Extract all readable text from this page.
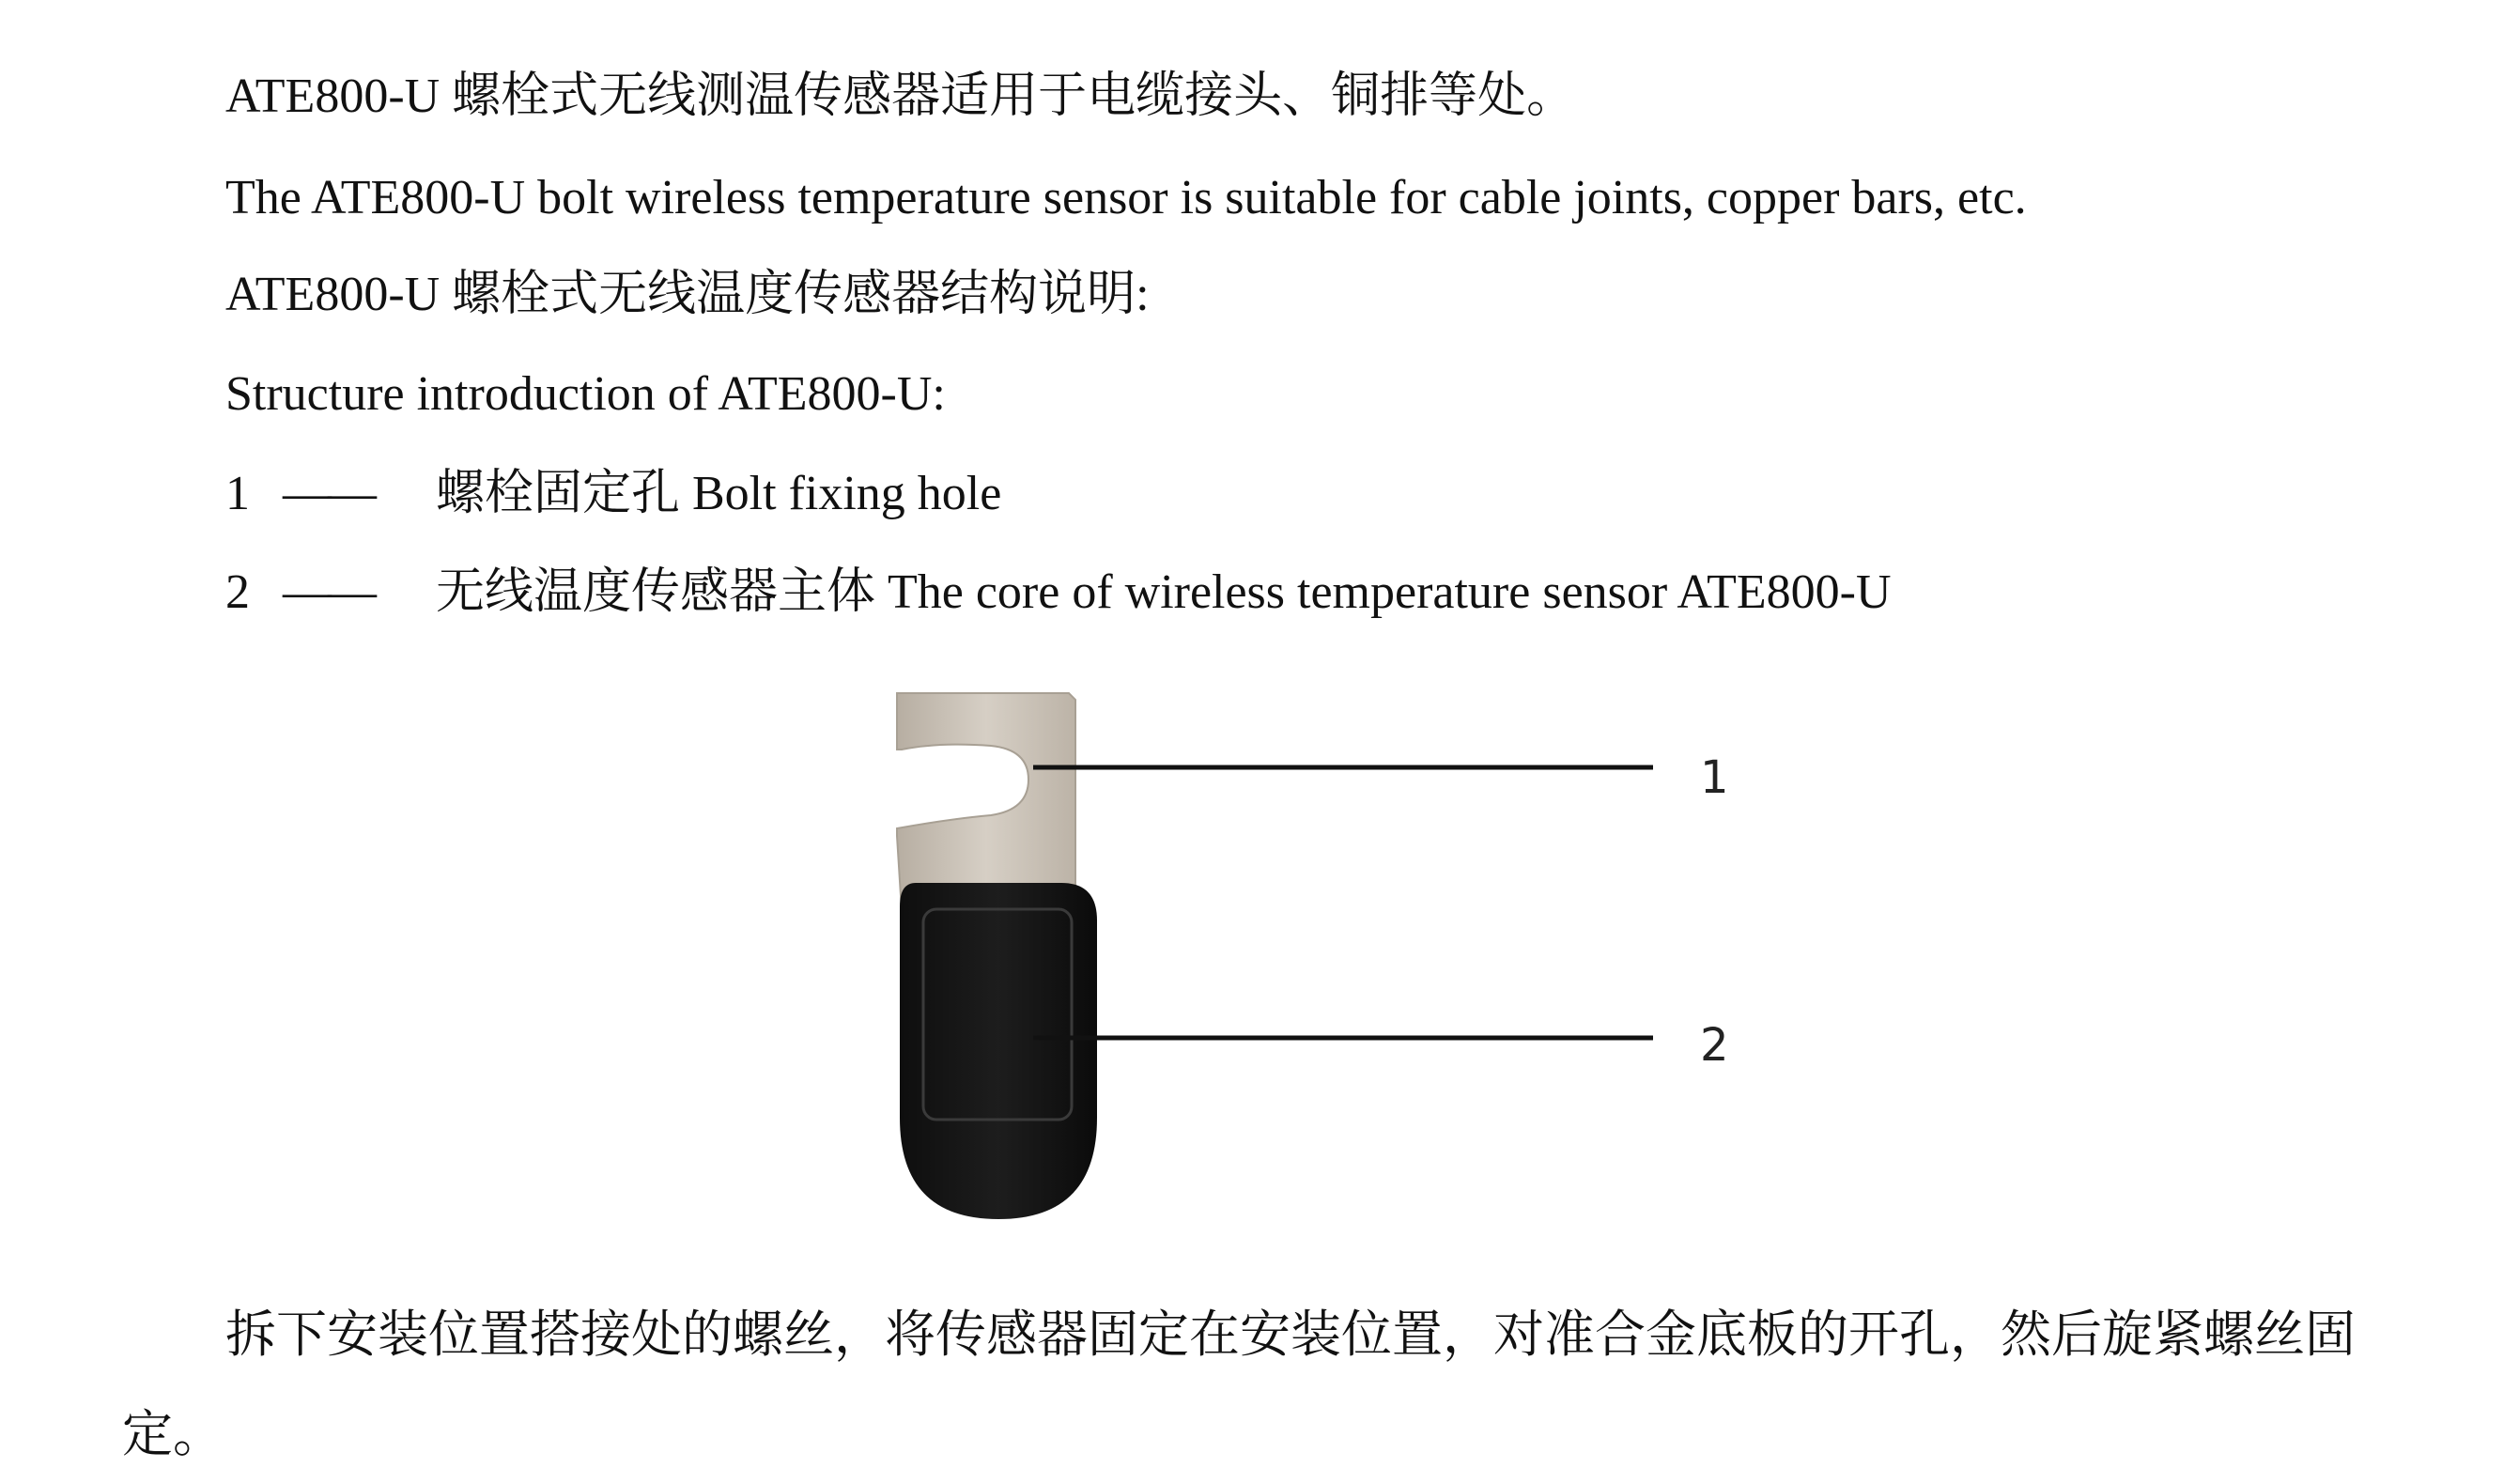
ATE800-U 螺栓式无线测温传感器适用于电缆接头、铜排等处。
The ATE800-U bolt wireless temperature sensor is suitable for cable joints, copper bars, etc.
ATE800-U 螺栓式无线温度传感器结构说明:
Structure introduction of ATE800-U:
1 —— 螺栓固定孔 Bolt fixing hole
2 —— 无线温度传感器主体 The core of wireless temperature sensor ATE800-U
1
2
拆下安装位置搭接处的螺丝，将传感器固定在安装位置，对准合金底板的开孔，然后旋紧螺丝固定。
